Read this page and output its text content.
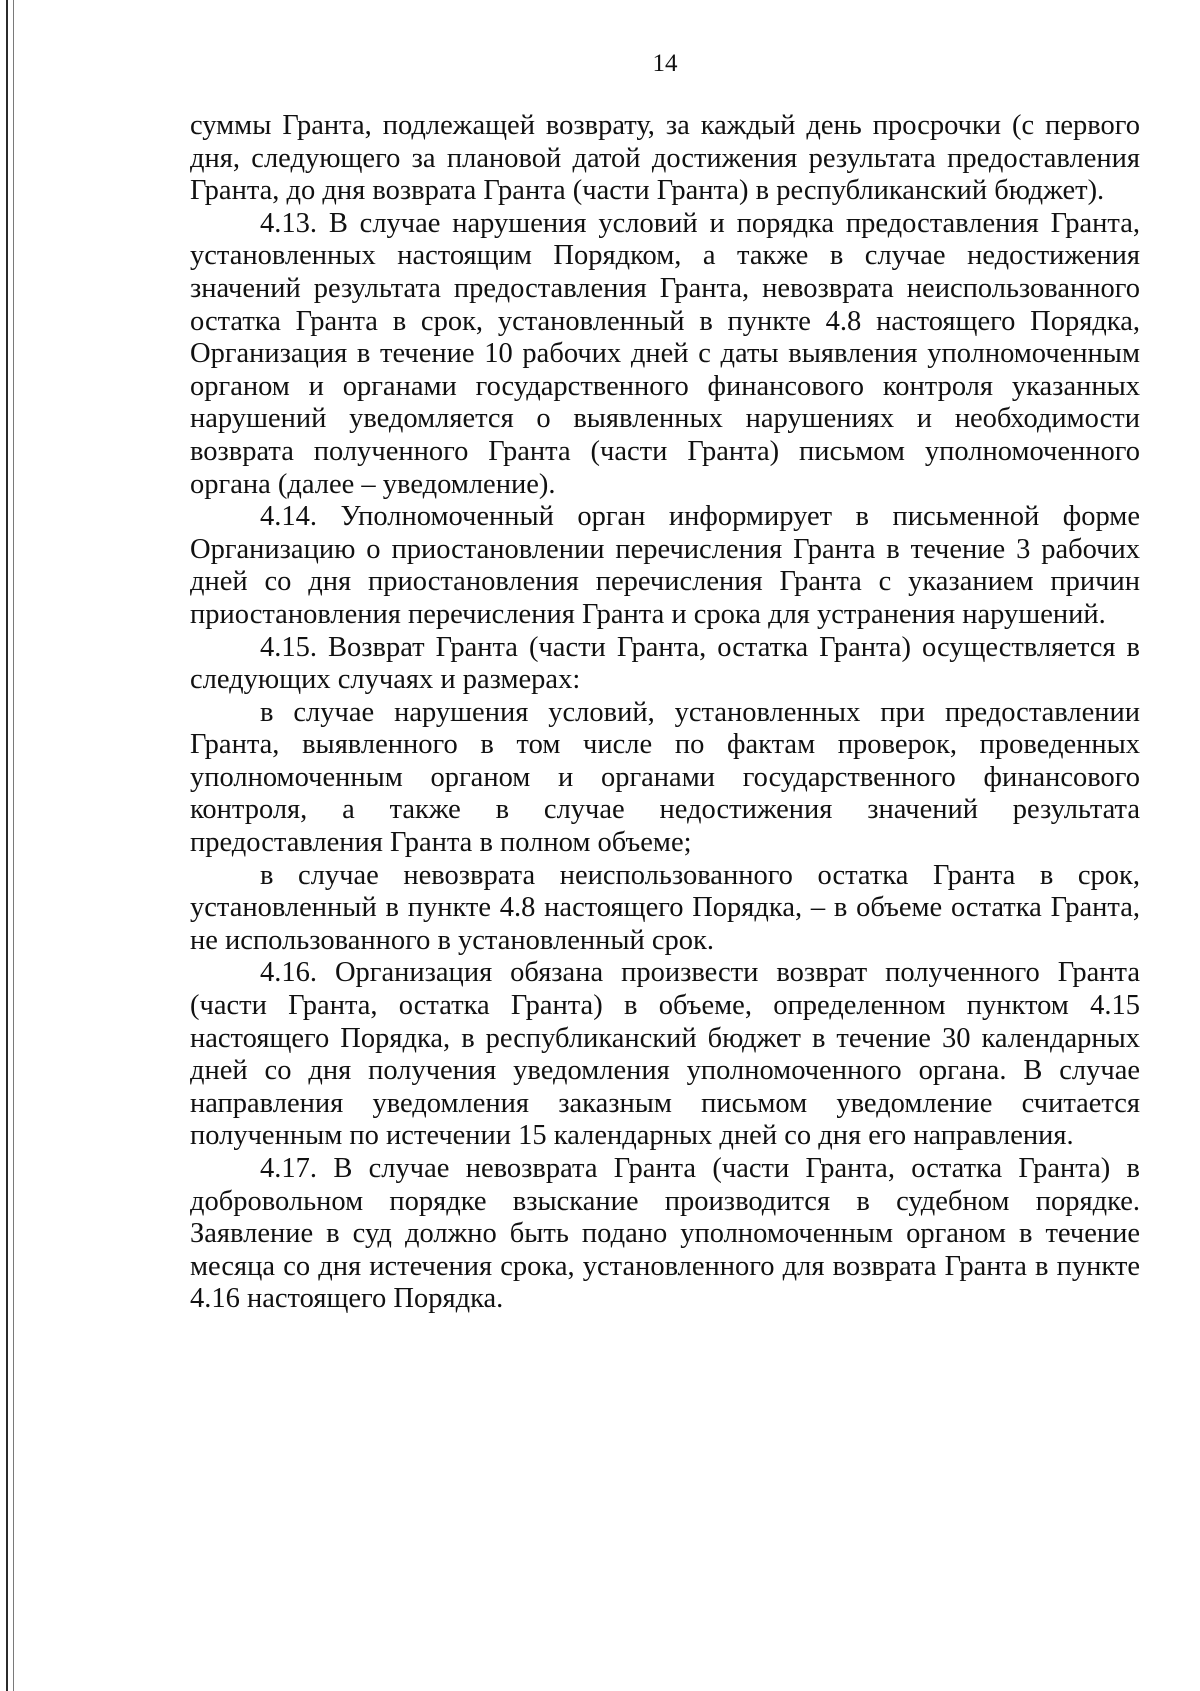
14

суммы Гранта, подлежащей возврату, за каждый день просрочки (с первого дня, следующего за плановой датой достижения результата предоставления Гранта, до дня возврата Гранта (части Гранта) в республиканский бюджет).

4.13. В случае нарушения условий и порядка предоставления Гранта, установленных настоящим Порядком, а также в случае недостижения значений результата предоставления Гранта, невозврата неиспользованного остатка Гранта в срок, установленный в пункте 4.8 настоящего Порядка, Организация в течение 10 рабочих дней с даты выявления уполномоченным органом и органами государственного финансового контроля указанных нарушений уведомляется о выявленных нарушениях и необходимости возврата полученного Гранта (части Гранта) письмом уполномоченного органа (далее – уведомление).

4.14. Уполномоченный орган информирует в письменной форме Организацию о приостановлении перечисления Гранта в течение 3 рабочих дней со дня приостановления перечисления Гранта с указанием причин приостановления перечисления Гранта и срока для устранения нарушений.

4.15. Возврат Гранта (части Гранта, остатка Гранта) осуществляется в следующих случаях и размерах:

в случае нарушения условий, установленных при предоставлении Гранта, выявленного в том числе по фактам проверок, проведенных уполномоченным органом и органами государственного финансового контроля, а также в случае недостижения значений результата предоставления Гранта в полном объеме;

в случае невозврата неиспользованного остатка Гранта в срок, установленный в пункте 4.8 настоящего Порядка, – в объеме остатка Гранта, не использованного в установленный срок.

4.16. Организация обязана произвести возврат полученного Гранта (части Гранта, остатка Гранта) в объеме, определенном пунктом 4.15 настоящего Порядка, в республиканский бюджет в течение 30 календарных дней со дня получения уведомления уполномоченного органа. В случае направления уведомления заказным письмом уведомление считается полученным по истечении 15 календарных дней со дня его направления.

4.17. В случае невозврата Гранта (части Гранта, остатка Гранта) в добровольном порядке взыскание производится в судебном порядке. Заявление в суд должно быть подано уполномоченным органом в течение месяца со дня истечения срока, установленного для возврата Гранта в пункте 4.16 настоящего Порядка.
